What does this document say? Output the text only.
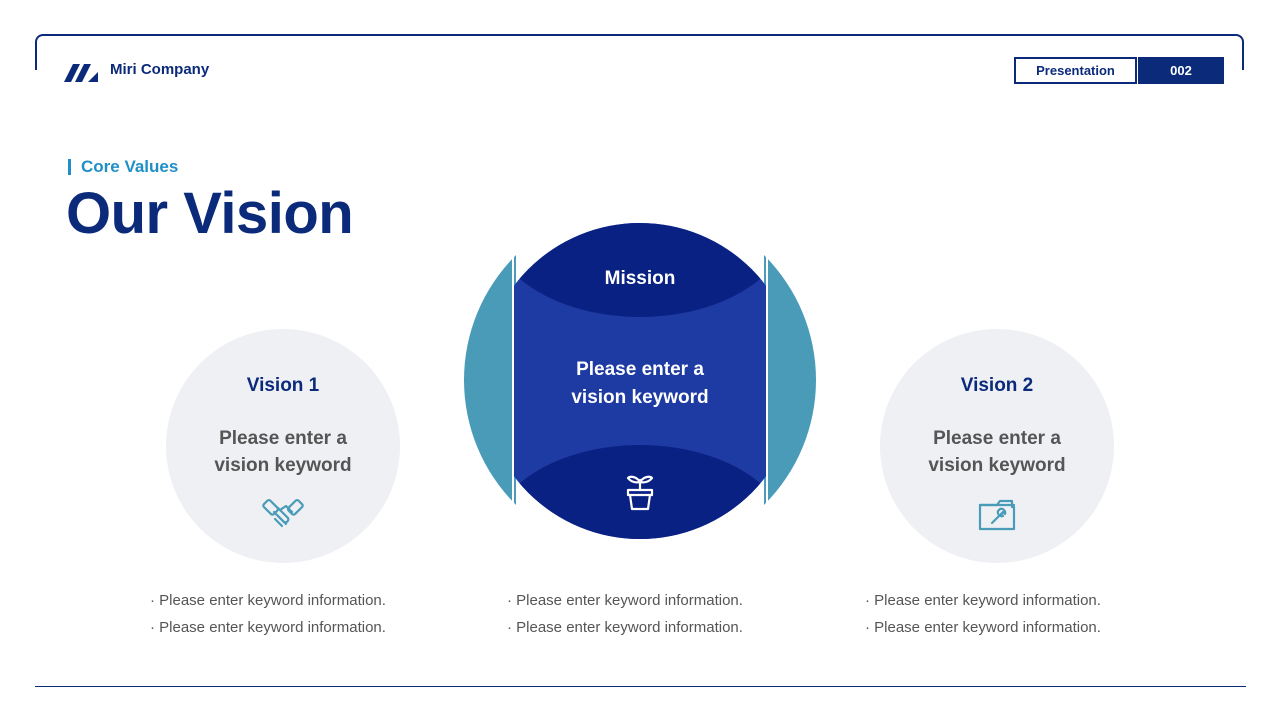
Miri Company	Presentation	002
Core Values
Our Vision
Vision 1
Please enter a
vision keyword
Mission
Please enter a
vision keyword
Vision 2
Please enter a
vision keyword
· Please enter keyword information.
· Please enter keyword information.
· Please enter keyword information.
· Please enter keyword information.
· Please enter keyword information.
· Please enter keyword information.
